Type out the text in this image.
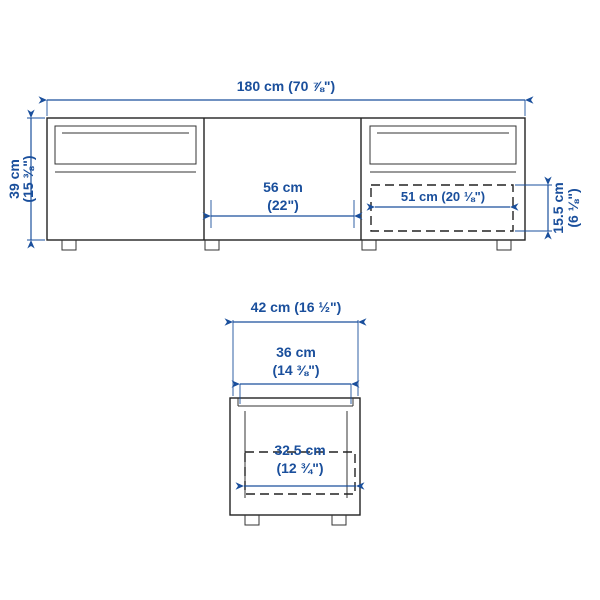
180 cm (70 ⅞")
39 cm
(15 ⅜")	56 cm
(22")
51 cm (20 ⅛")	15.5 cm (6 ⅛")
42 cm (16 ½")
36 cm
(14 ⅜")
32.5 cm
(12 ¾")
